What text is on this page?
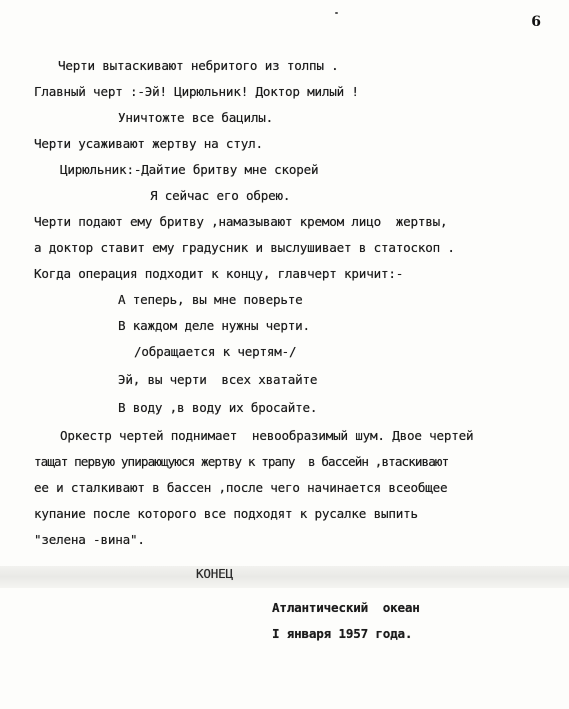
6
Черти вытаскивают небритого из толпы .
Главный черт :-Эй! Цирюльник! Доктор милый !
Уничтожте все бацилы.
Черти усаживают жертву на стул.
Цирюльник:-Дайтие бритву мне скорей
Я сейчас его обрею.
Черти подают ему бритву ,намазывают кремом лицо  жертвы,
а доктор ставит ему градусник и выслушивает в статоскоп .
Когда операция подходит к концу, главчерт кричит:-
А теперь, вы мне поверьте
В каждом деле нужны черти.
/обращается к чертям-/
Эй, вы черти  всех хватайте
В воду ,в воду их бросайте.
Оркестр чертей поднимает  невообразимый шум. Двое чертей
тащат первую упирающуюся жертву к трапу  в бассейн ,втаскивают
ее и сталкивают в бассен ,после чего начинается всеобщее
купание после которого все подходят к русалке выпить
"зелена -вина".
КОНЕЦ
Атлантический  океан
I января 1957 года.
